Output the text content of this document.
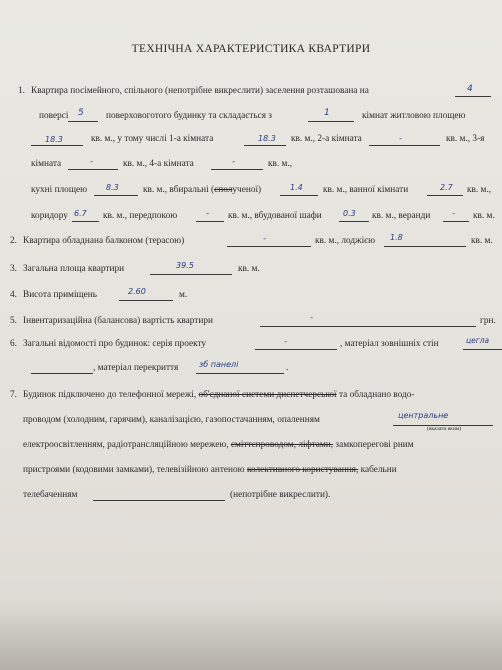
ТЕХНІЧНА ХАРАКТЕРИСТИКА КВАРТИРИ
1. Квартира посімейного, спільного (непотрібне викреслити) заселення розташована на	4
поверсі 5 поверховоготого будинку та складається з	1	кімнат житловою площею
18.3	кв. м., у тому числі 1-а кімната	18.3 кв. м., 2-а кімната	-	кв. м., 3-я
кімната	-	кв. м., 4-а кімната	-	кв. м.,
кухні площею 8.3	кв. м., вбиральні (сполученої)	1.4 кв. м., ванної кімнати	2.7 кв. м.,
коридору 6.7 кв. м., передпокою	- кв. м., вбудованої шафи	0.3 кв. м., веранди - кв. м.
2. Квартира обладнана балконом (терасою)	-	кв. м., лоджією 1.8	кв. м.
3. Загальна площа квартири	39.5	кв. м.
4. Висота приміщень	2.60	м.
5. Інвентаризаційна (балансова) вартість квартири	-	грн.
6. Загальні відомості про будинок: серія проекту	-	, матеріал зовнішніх стін	цегла
, матеріал перекриття	зб панелі	.
7. Будинок підключено до телефонної мережі, об'єднаної системи диспетчерської та обладнано водо-
проводом (холодним, гарячим), каналізацією, газопостачанням, опаленням	центральне
(вказати яким)
електроосвітленням, радіотрансляційною мережею, сміттєпроводом, ліфтами, замкоперегові рним
пристроями (кодовими замками), телевізійною антеною колективного користування, кабельни
телебаченням	(непотрібне викреслити).
